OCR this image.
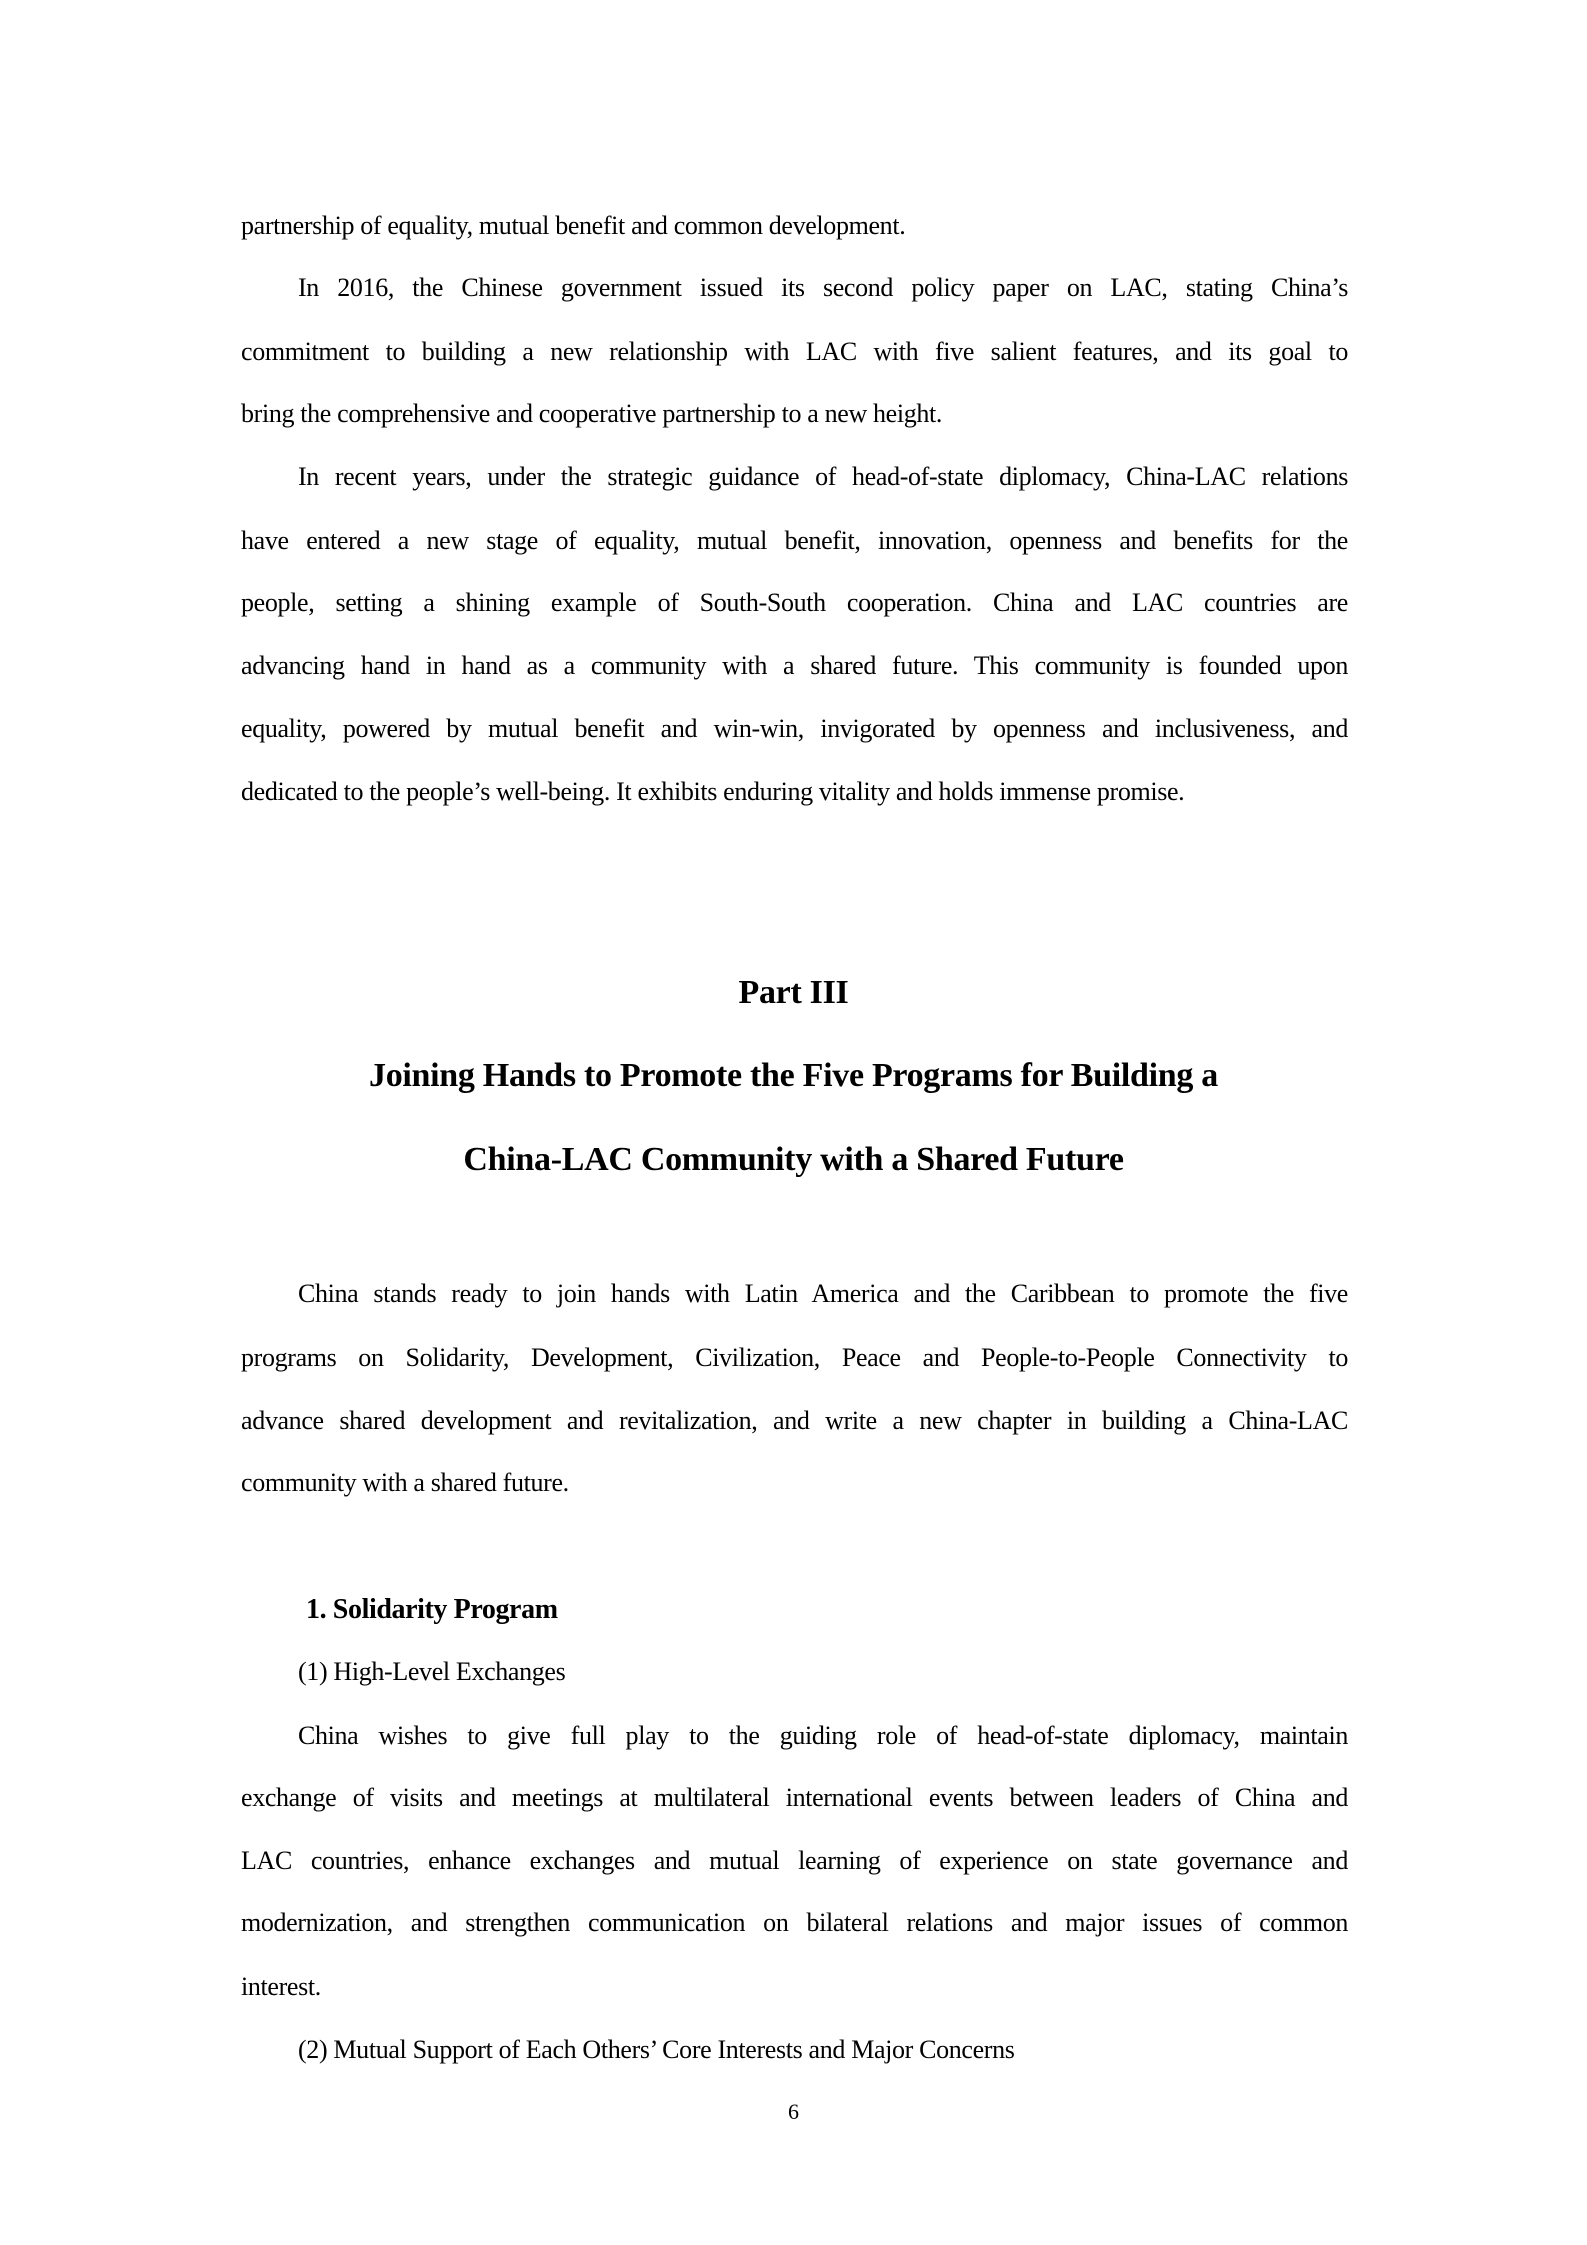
partnership of equality, mutual benefit and common development.
In 2016, the Chinese government issued its second policy paper on LAC, stating China’s
commitment to building a new relationship with LAC with five salient features, and its goal to
bring the comprehensive and cooperative partnership to a new height.
In recent years, under the strategic guidance of head-of-state diplomacy, China-LAC relations
have entered a new stage of equality, mutual benefit, innovation, openness and benefits for the
people, setting a shining example of South-South cooperation. China and LAC countries are
advancing hand in hand as a community with a shared future. This community is founded upon
equality, powered by mutual benefit and win-win, invigorated by openness and inclusiveness, and
dedicated to the people’s well-being. It exhibits enduring vitality and holds immense promise.
Part III
Joining Hands to Promote the Five Programs for Building a
China-LAC Community with a Shared Future
China stands ready to join hands with Latin America and the Caribbean to promote the five
programs on Solidarity, Development, Civilization, Peace and People-to-People Connectivity to
advance shared development and revitalization, and write a new chapter in building a China-LAC
community with a shared future.
1. Solidarity Program
(1) High-Level Exchanges
China wishes to give full play to the guiding role of head-of-state diplomacy, maintain
exchange of visits and meetings at multilateral international events between leaders of China and
LAC countries, enhance exchanges and mutual learning of experience on state governance and
modernization, and strengthen communication on bilateral relations and major issues of common
interest.
(2) Mutual Support of Each Others’ Core Interests and Major Concerns
6
